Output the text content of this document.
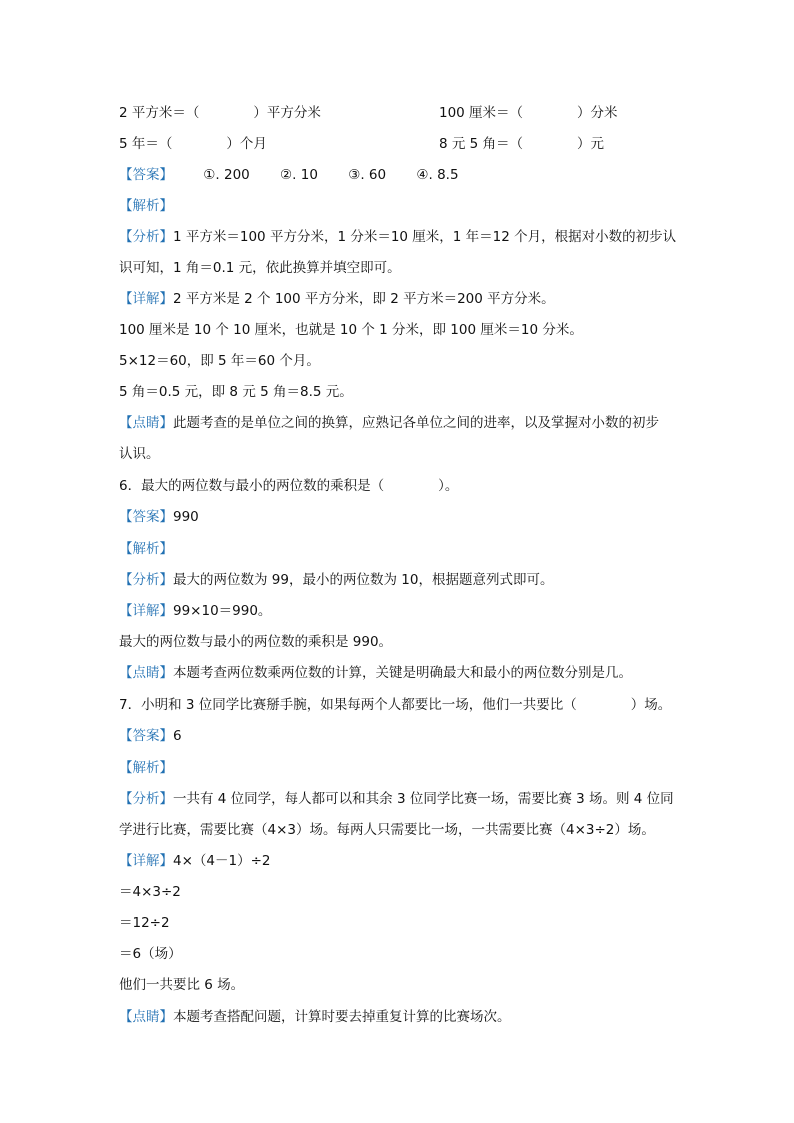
2 平方米＝（　　　　）平方分米	100 厘米＝（　　　　）分米
5 年＝（　　　　）个月	8 元 5 角＝（　　　　）元
【答案】 ①. 200 ②. 10 ③. 60 ④. 8.5
【解析】
【分析】1 平方米＝100 平方分米，1 分米＝10 厘米，1 年＝12 个月，根据对小数的初步认
识可知，1 角＝0.1 元，依此换算并填空即可。
【详解】2 平方米是 2 个 100 平方分米，即 2 平方米＝200 平方分米。
100 厘米是 10 个 10 厘米，也就是 10 个 1 分米，即 100 厘米＝10 分米。
5×12＝60，即 5 年＝60 个月。
5 角＝0.5 元，即 8 元 5 角＝8.5 元。
【点睛】此题考查的是单位之间的换算，应熟记各单位之间的进率，以及掌握对小数的初步
认识。
6．最大的两位数与最小的两位数的乘积是（　　　　）。
【答案】990
【解析】
【分析】最大的两位数为 99，最小的两位数为 10，根据题意列式即可。
【详解】99×10＝990。
最大的两位数与最小的两位数的乘积是 990。
【点睛】本题考查两位数乘两位数的计算，关键是明确最大和最小的两位数分别是几。
7．小明和 3 位同学比赛掰手腕，如果每两个人都要比一场，他们一共要比（　　　　）场。
【答案】6
【解析】
【分析】一共有 4 位同学，每人都可以和其余 3 位同学比赛一场，需要比赛 3 场。则 4 位同
学进行比赛，需要比赛（4×3）场。每两人只需要比一场，一共需要比赛（4×3÷2）场。
【详解】4×（4－1）÷2
＝4×3÷2
＝12÷2
＝6（场）
他们一共要比 6 场。
【点睛】本题考查搭配问题，计算时要去掉重复计算的比赛场次。
